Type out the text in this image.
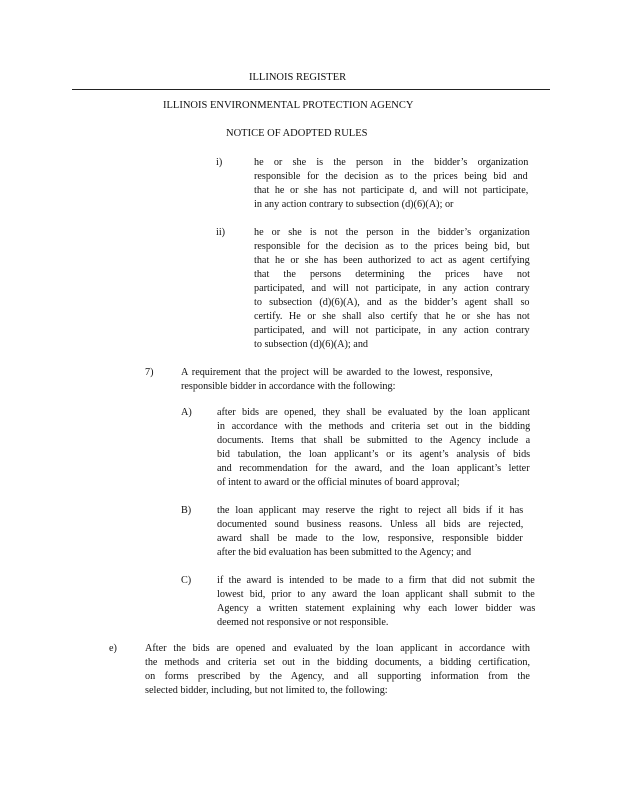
ILLINOIS REGISTER
ILLINOIS ENVIRONMENTAL PROTECTION AGENCY
NOTICE OF ADOPTED RULES
i)	he or she is the person in the bidder’s organization
responsible for the decision as to the prices being bid and
that he or she has not participate d, and will not participate,
in any action contrary to subsection (d)(6)(A); or
ii)	he or she is not the person in the bidder’s organization
responsible for the decision as to the prices being bid, but
that he or she has been authorized to act as agent certifying
that the persons determining the prices have not
participated, and will not participate, in any action contrary
to subsection (d)(6)(A), and as the bidder’s agent shall so
certify. He or she shall also certify that he or she has not
participated, and will not participate, in any action contrary
to subsection (d)(6)(A); and
7)	A requirement that the project will be awarded to the lowest, responsive,
responsible bidder in accordance with the following:
A) after bids are opened, they shall be evaluated by the loan applicant
in accordance with the methods and criteria set out in the bidding
documents. Items that shall be submitted to the Agency include a
bid tabulation, the loan applicant’s or its agent’s analysis of bids
and recommendation for the award, and the loan applicant’s letter
of intent to award or the official minutes of board approval;
B)	the loan applicant may reserve the right to reject all bids if it has
documented sound business reasons. Unless all bids are rejected,
award shall be made to the low, responsive, responsible bidder
after the bid evaluation has been submitted to the Agency; and
C)	if the award is intended to be made to a firm that did not submit the
lowest bid, prior to any award the loan applicant shall submit to the
Agency a written statement explaining why each lower bidder was
deemed not responsive or not responsible.
e)	After the bids are opened and evaluated by the loan applicant in accordance with
the methods and criteria set out in the bidding documents, a bidding certification,
on forms prescribed by the Agency, and all supporting information from the
selected bidder, including, but not limited to, the following:
